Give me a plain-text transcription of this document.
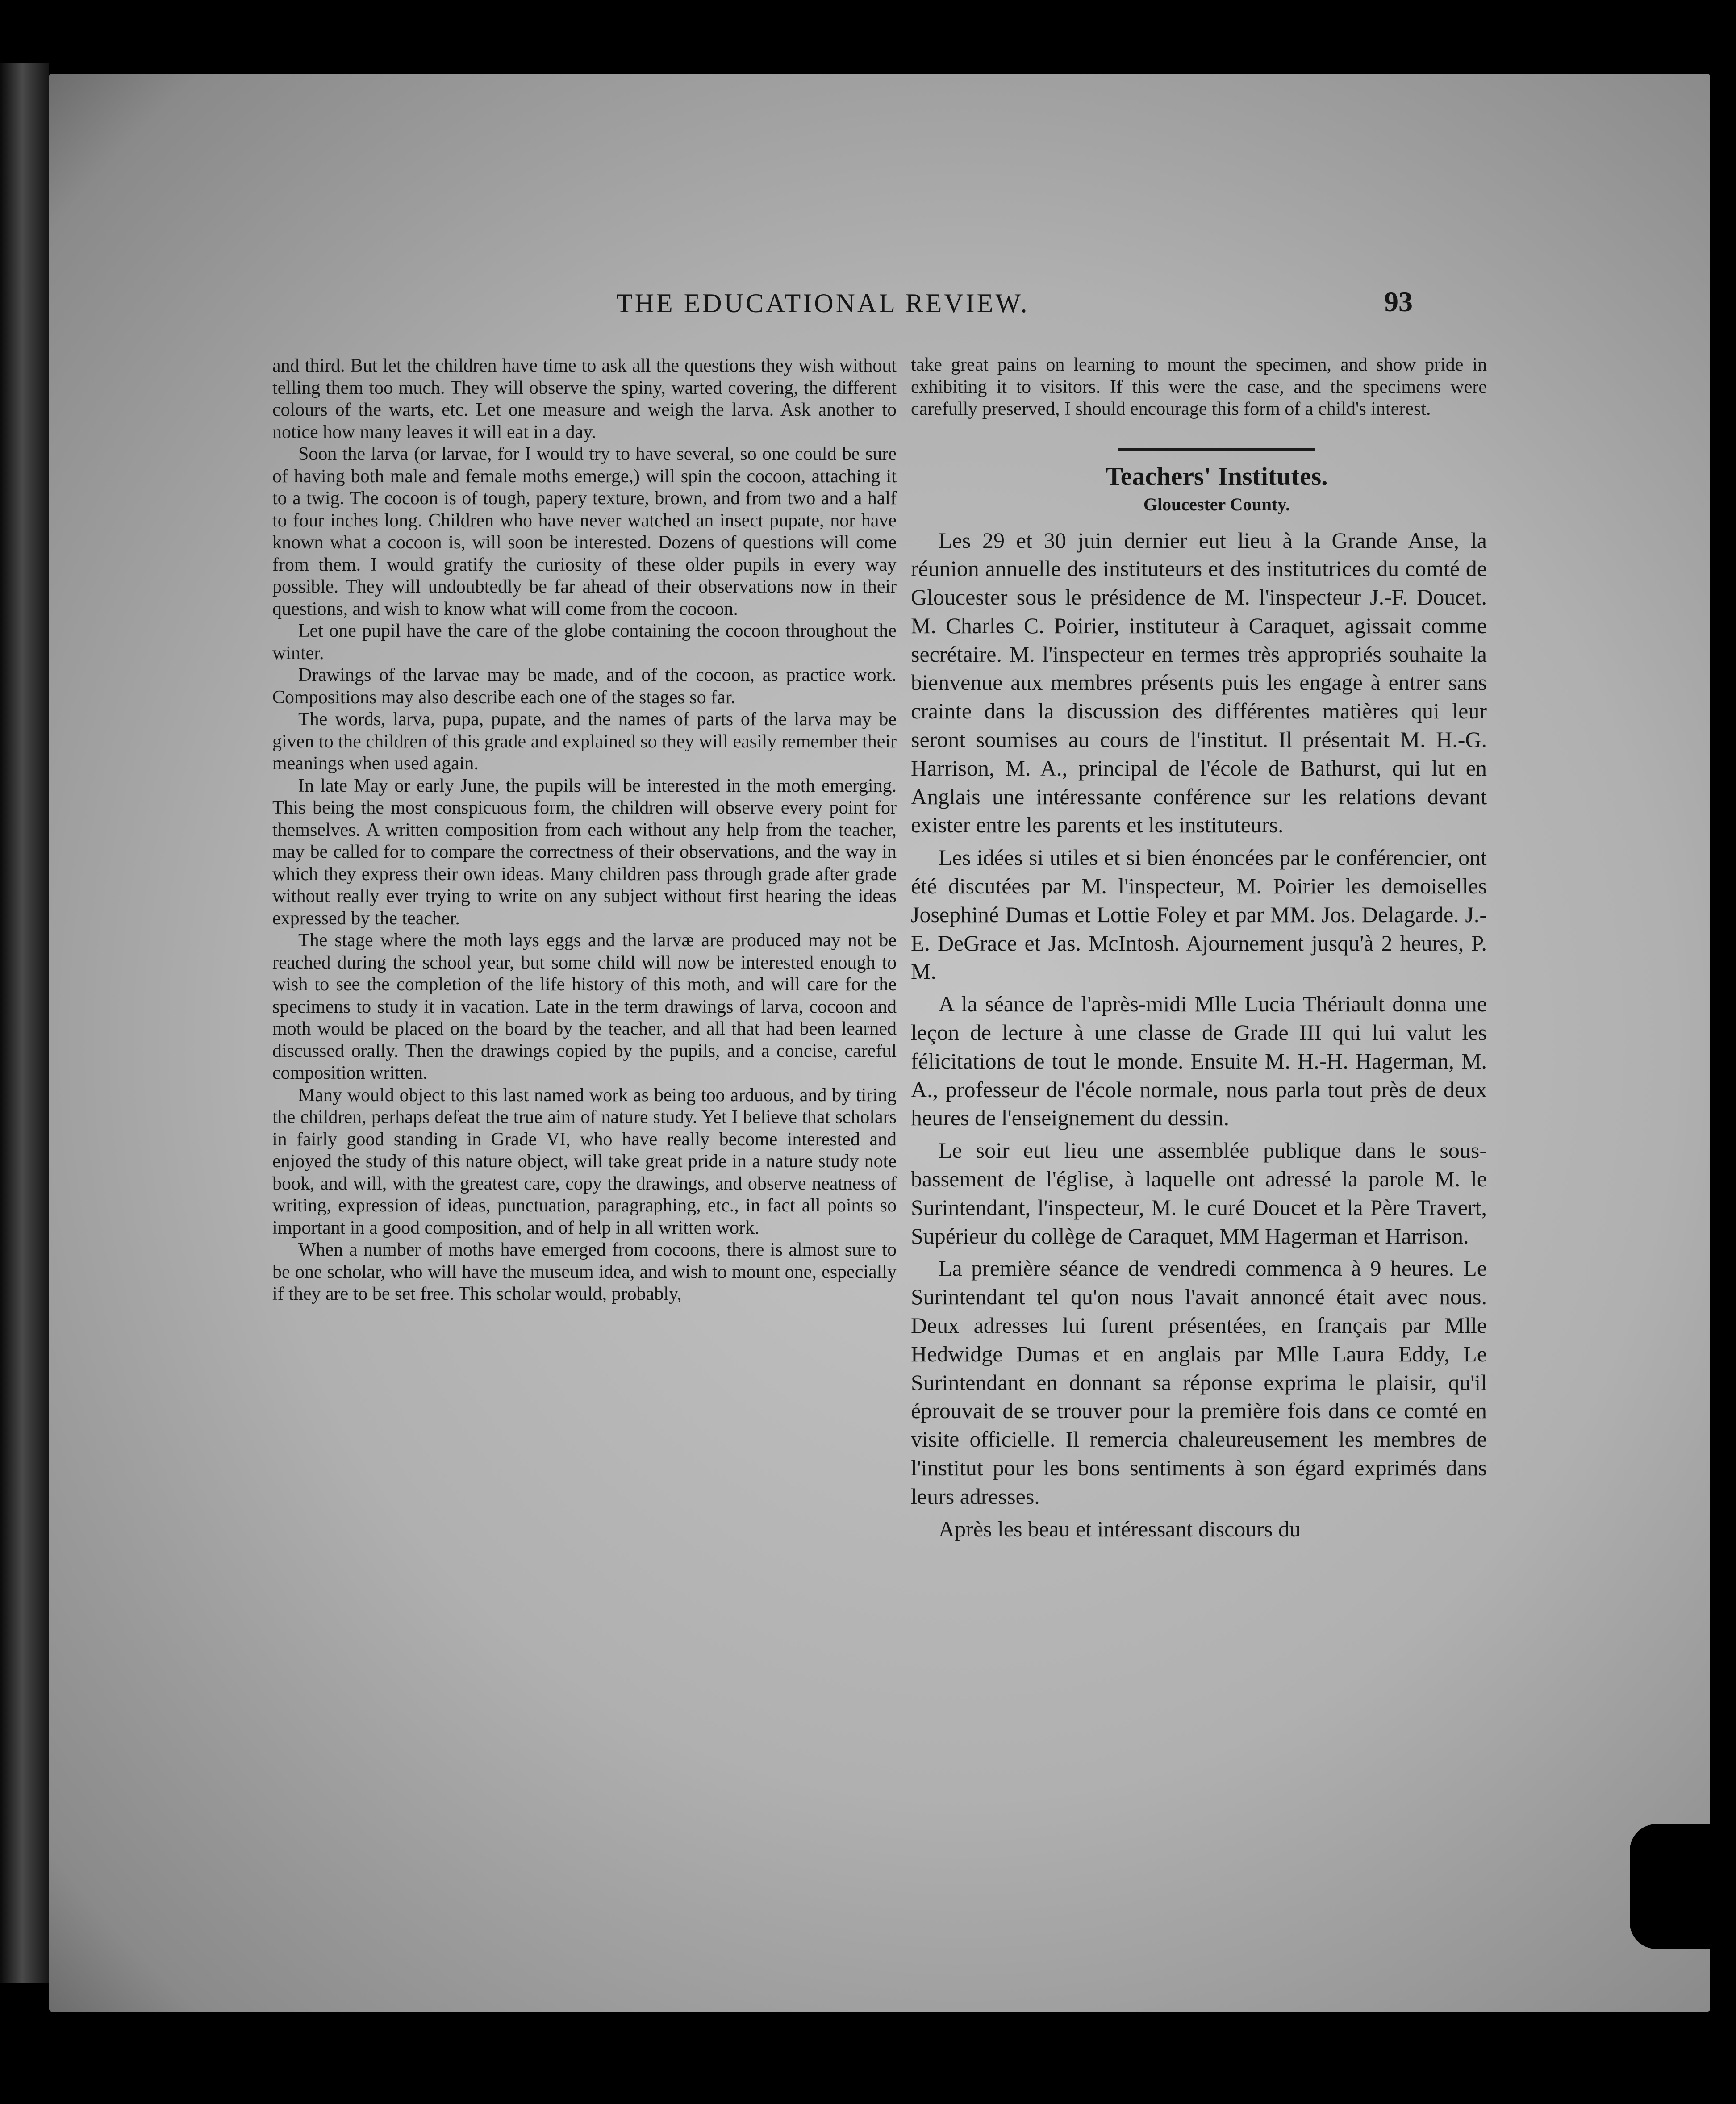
THE EDUCATIONAL REVIEW.	93

and third. But let the children have time to ask all the questions they wish without telling them too much. They will observe the spiny, warted covering, the different colours of the warts, etc. Let one measure and weigh the larva. Ask another to notice how many leaves it will eat in a day.

Soon the larva (or larvae, for I would try to have several, so one could be sure of having both male and female moths emerge,) will spin the cocoon, attaching it to a twig. The cocoon is of tough, papery texture, brown, and from two and a half to four inches long. Children who have never watched an insect pupate, nor have known what a cocoon is, will soon be interested. Dozens of questions will come from them. I would gratify the curiosity of these older pupils in every way possible. They will undoubtedly be far ahead of their observations now in their questions, and wish to know what will come from the cocoon.

Let one pupil have the care of the globe containing the cocoon throughout the winter.

Drawings of the larvae may be made, and of the cocoon, as practice work. Compositions may also describe each one of the stages so far.

The words, larva, pupa, pupate, and the names of parts of the larva may be given to the children of this grade and explained so they will easily remember their meanings when used again.

In late May or early June, the pupils will be interested in the moth emerging. This being the most conspicuous form, the children will observe every point for themselves. A written composition from each without any help from the teacher, may be called for to compare the correctness of their observations, and the way in which they express their own ideas. Many children pass through grade after grade without really ever trying to write on any subject without first hearing the ideas expressed by the teacher.

The stage where the moth lays eggs and the larvæ are produced may not be reached during the school year, but some child will now be interested enough to wish to see the completion of the life history of this moth, and will care for the specimens to study it in vacation. Late in the term drawings of larva, cocoon and moth would be placed on the board by the teacher, and all that had been learned discussed orally. Then the drawings copied by the pupils, and a concise, careful composition written.

Many would object to this last named work as being too arduous, and by tiring the children, perhaps defeat the true aim of nature study. Yet I believe that scholars in fairly good standing in Grade VI, who have really become interested and enjoyed the study of this nature object, will take great pride in a nature study note book, and will, with the greatest care, copy the drawings, and observe neatness of writing, expression of ideas, punctuation, paragraphing, etc., in fact all points so important in a good composition, and of help in all written work.

When a number of moths have emerged from cocoons, there is almost sure to be one scholar, who will have the museum idea, and wish to mount one, especially if they are to be set free. This scholar would, probably,

take great pains on learning to mount the specimen, and show pride in exhibiting it to visitors. If this were the case, and the specimens were carefully preserved, I should encourage this form of a child's interest.

Teachers' Institutes.
Gloucester County.

Les 29 et 30 juin dernier eut lieu à la Grande Anse, la réunion annuelle des instituteurs et des institutrices du comté de Gloucester sous le présidence de M. l'inspecteur J.-F. Doucet. M. Charles C. Poirier, instituteur à Caraquet, agissait comme secrétaire. M. l'inspecteur en termes très appropriés souhaite la bienvenue aux membres présents puis les engage à entrer sans crainte dans la discussion des différentes matières qui leur seront soumises au cours de l'institut. Il présentait M. H.-G. Harrison, M. A., principal de l'école de Bathurst, qui lut en Anglais une intéressante conférence sur les relations devant exister entre les parents et les instituteurs.

Les idées si utiles et si bien énoncées par le conférencier, ont été discutées par M. l'inspecteur, M. Poirier les demoiselles Josephiné Dumas et Lottie Foley et par MM. Jos. Delagarde. J.-E. DeGrace et Jas. McIntosh. Ajournement jusqu'à 2 heures, P. M.

A la séance de l'après-midi Mlle Lucia Thériault donna une leçon de lecture à une classe de Grade III qui lui valut les félicitations de tout le monde. Ensuite M. H.-H. Hagerman, M. A., professeur de l'école normale, nous parla tout près de deux heures de l'enseignement du dessin.

Le soir eut lieu une assemblée publique dans le sous-bassement de l'église, à laquelle ont adressé la parole M. le Surintendant, l'inspecteur, M. le curé Doucet et la Père Travert, Supérieur du collège de Caraquet, MM Hagerman et Harrison.

La première séance de vendredi commenca à 9 heures. Le Surintendant tel qu'on nous l'avait annoncé était avec nous. Deux adresses lui furent présentées, en français par Mlle Hedwidge Dumas et en anglais par Mlle Laura Eddy, Le Surintendant en donnant sa réponse exprima le plaisir, qu'il éprouvait de se trouver pour la première fois dans ce comté en visite officielle. Il remercia chaleureusement les membres de l'institut pour les bons sentiments à son égard exprimés dans leurs adresses.

Après les beau et intéressant discours du
